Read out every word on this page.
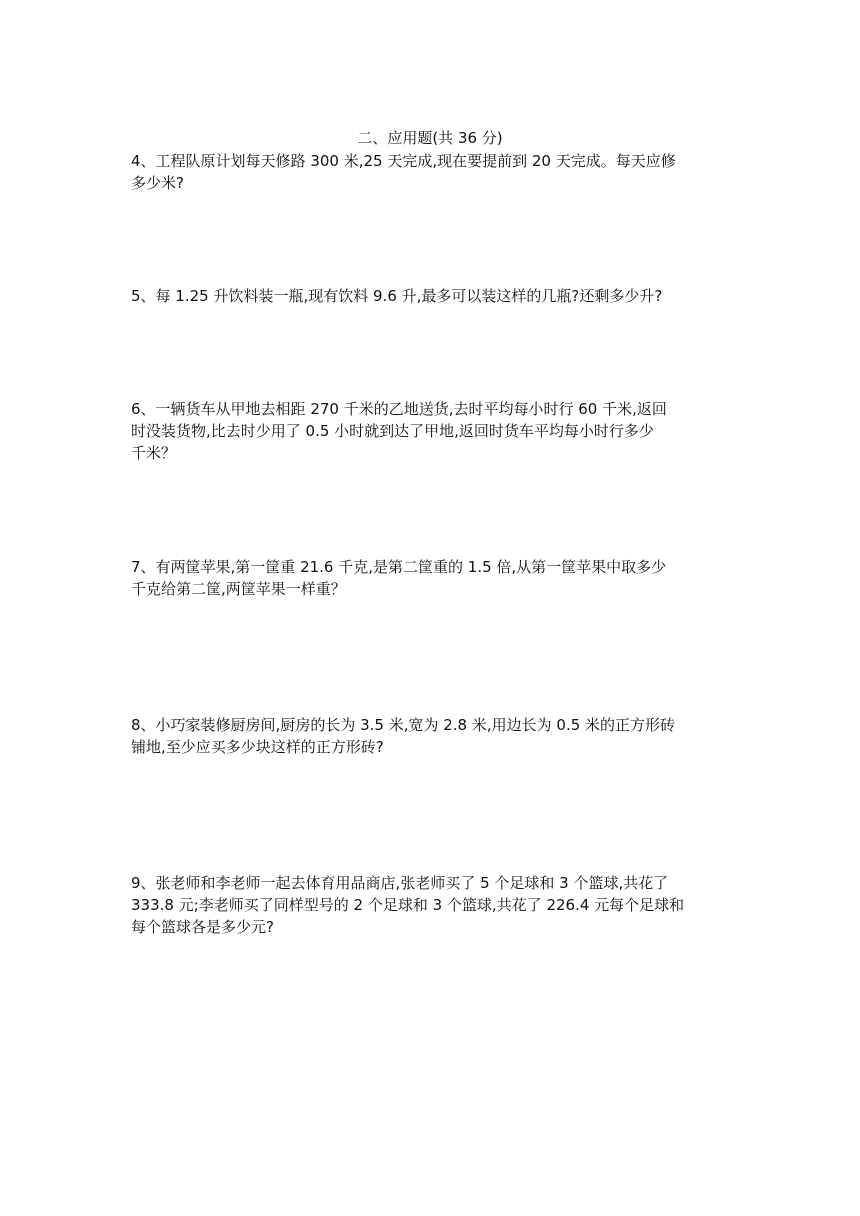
二、应用题(共 36 分)
4、工程队原计划每天修路 300 米,25 天完成,现在要提前到 20 天完成。每天应修
多少米?
5、每 1.25 升饮料装一瓶,现有饮料 9.6 升,最多可以装这样的几瓶?还剩多少升?
6、一辆货车从甲地去相距 270 千米的乙地送货,去时平均每小时行 60 千米,返回
时没装货物,比去时少用了 0.5 小时就到达了甲地,返回时货车平均每小时行多少
千米？
7、有两筐苹果,第一筐重 21.6 千克,是第二筐重的 1.5 倍,从第一筐苹果中取多少
千克给第二筐,两筐苹果一样重？
8、小巧家装修厨房间,厨房的长为 3.5 米,宽为 2.8 米,用边长为 0.5 米的正方形砖
铺地,至少应买多少块这样的正方形砖?
9、张老师和李老师一起去体育用品商店,张老师买了 5 个足球和 3 个篮球,共花了
333.8 元;李老师买了同样型号的 2 个足球和 3 个篮球,共花了 226.4 元每个足球和
每个篮球各是多少元?
